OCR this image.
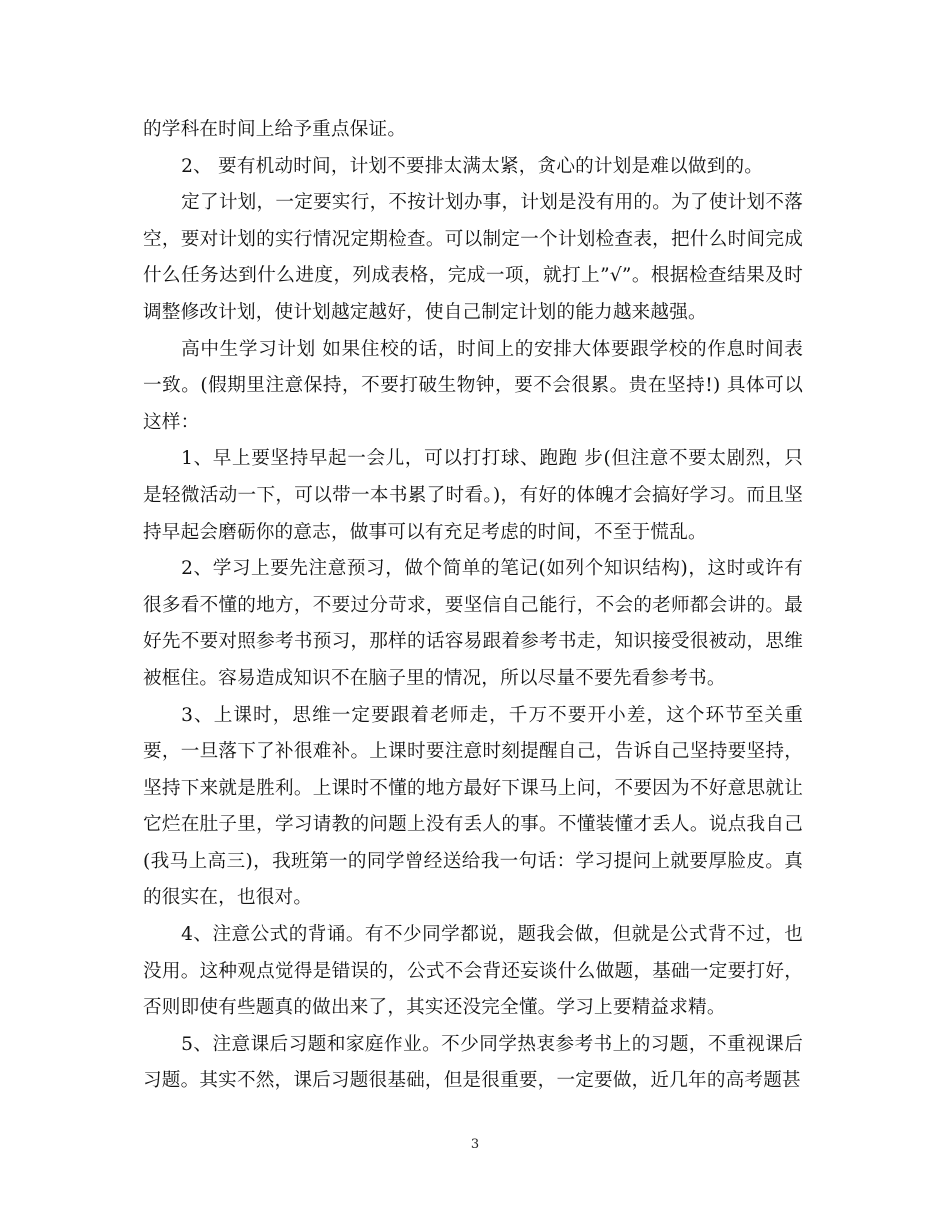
的学科在时间上给予重点保证。

2、 要有机动时间，计划不要排太满太紧，贪心的计划是难以做到的。

定了计划，一定要实行，不按计划办事，计划是没有用的。为了使计划不落空，要对计划的实行情况定期检查。可以制定一个计划检查表，把什么时间完成什么任务达到什么进度，列成表格，完成一项，就打上”√”。根据检查结果及时调整修改计划，使计划越定越好，使自己制定计划的能力越来越强。

高中生学习计划 如果住校的话，时间上的安排大体要跟学校的作息时间表一致。(假期里注意保持，不要打破生物钟，要不会很累。贵在坚持!) 具体可以这样：

1、早上要坚持早起一会儿，可以打打球、跑跑 步(但注意不要太剧烈，只是轻微活动一下，可以带一本书累了时看。)，有好的体魄才会搞好学习。而且坚持早起会磨砺你的意志，做事可以有充足考虑的时间，不至于慌乱。

2、学习上要先注意预习，做个简单的笔记(如列个知识结构)，这时或许有很多看不懂的地方，不要过分苛求，要坚信自己能行，不会的老师都会讲的。最好先不要对照参考书预习，那样的话容易跟着参考书走，知识接受很被动，思维被框住。容易造成知识不在脑子里的情况，所以尽量不要先看参考书。

3、上课时，思维一定要跟着老师走，千万不要开小差，这个环节至关重要，一旦落下了补很难补。上课时要注意时刻提醒自己，告诉自己坚持要坚持，坚持下来就是胜利。上课时不懂的地方最好下课马上问，不要因为不好意思就让它烂在肚子里，学习请教的问题上没有丢人的事。不懂装懂才丢人。说点我自己(我马上高三)，我班第一的同学曾经送给我一句话：学习提问上就要厚脸皮。真的很实在，也很对。

4、注意公式的背诵。有不少同学都说，题我会做，但就是公式背不过，也没用。这种观点觉得是错误的，公式不会背还妄谈什么做题，基础一定要打好，否则即使有些题真的做出来了，其实还没完全懂。学习上要精益求精。

5、注意课后习题和家庭作业。不少同学热衷参考书上的习题，不重视课后习题。其实不然，课后习题很基础，但是很重要，一定要做，近几年的高考题甚

3
